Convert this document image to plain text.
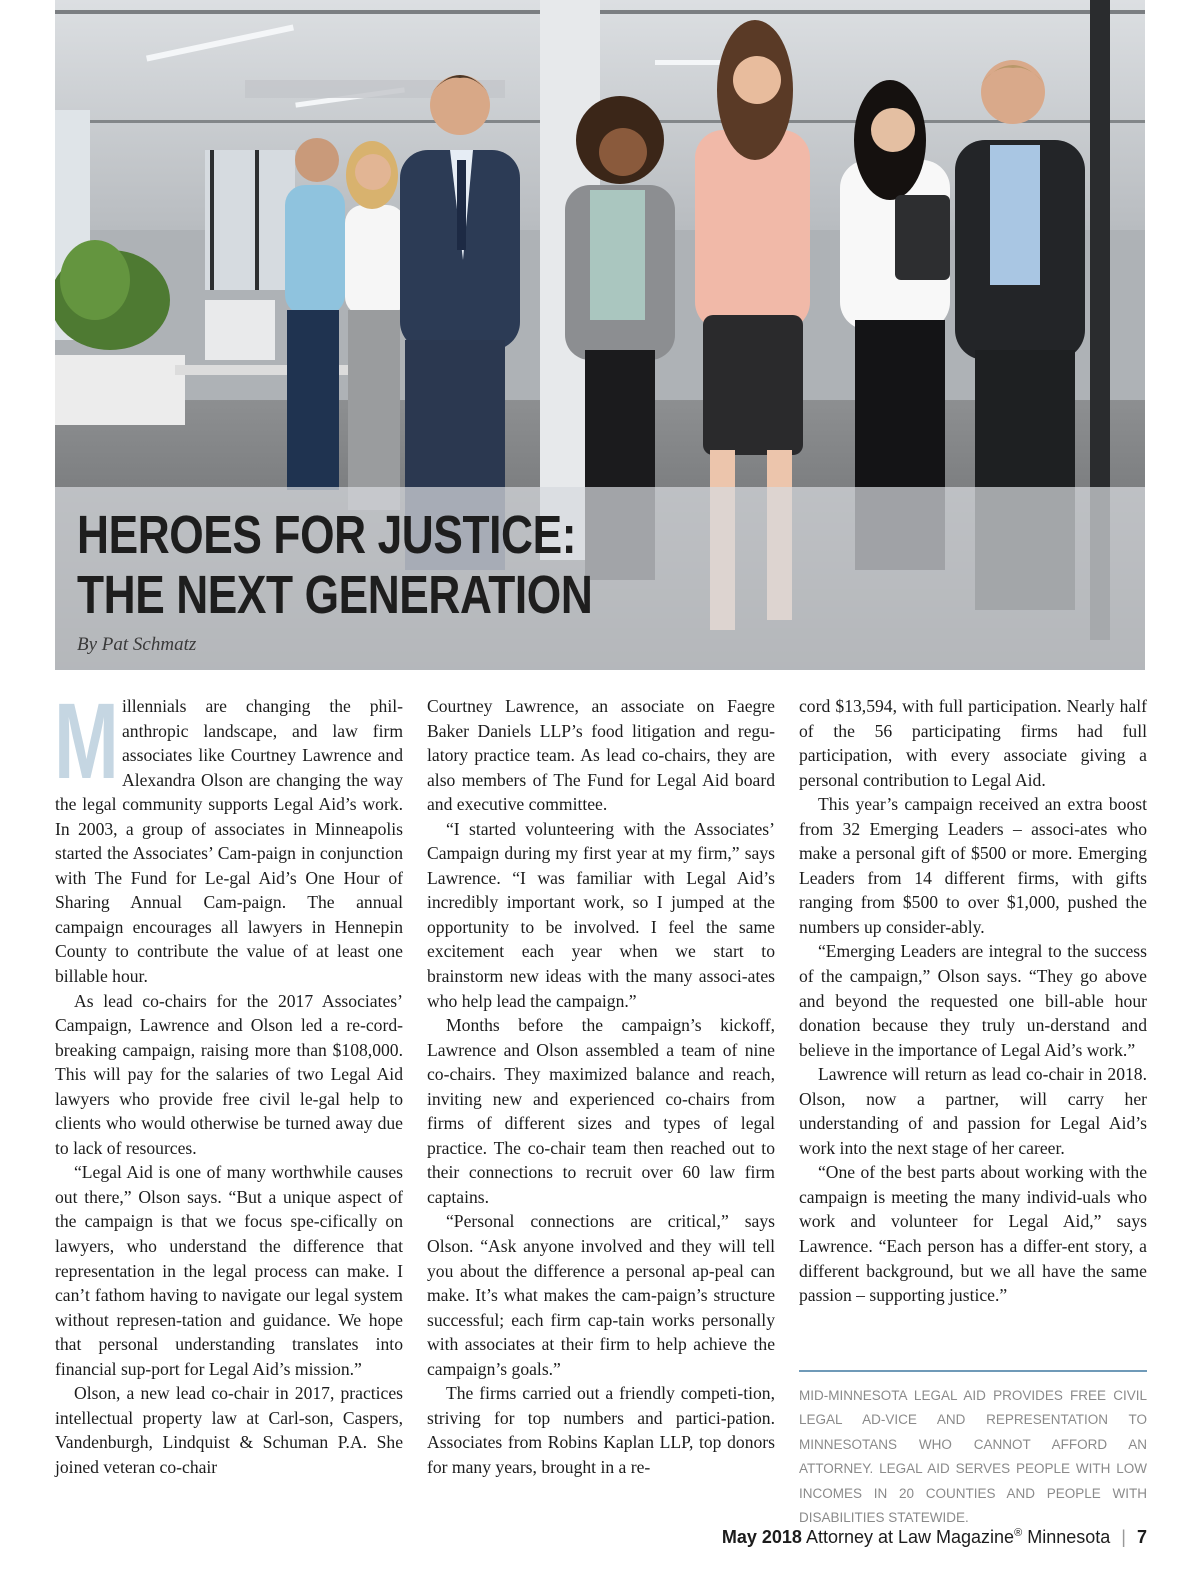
HEROES FOR JUSTICE:
THE NEXT GENERATION
By Pat Schmatz

Millennials are changing the phil-anthropic landscape, and law firm associates like Courtney Lawrence and Alexandra Olson are changing the way the legal community supports Legal Aid’s work. In 2003, a group of associates in Minneapolis started the Associates’ Cam-paign in conjunction with The Fund for Le-gal Aid’s One Hour of Sharing Annual Cam-paign. The annual campaign encourages all lawyers in Hennepin County to contribute the value of at least one billable hour.

As lead co-chairs for the 2017 Associates’ Campaign, Lawrence and Olson led a re-cord-breaking campaign, raising more than $108,000. This will pay for the salaries of two Legal Aid lawyers who provide free civil le-gal help to clients who would otherwise be turned away due to lack of resources.

“Legal Aid is one of many worthwhile causes out there,” Olson says. “But a unique aspect of the campaign is that we focus spe-cifically on lawyers, who understand the difference that representation in the legal process can make. I can’t fathom having to navigate our legal system without represen-tation and guidance. We hope that personal understanding translates into financial sup-port for Legal Aid’s mission.”

Olson, a new lead co-chair in 2017, practices intellectual property law at Carl-son, Caspers, Vandenburgh, Lindquist & Schuman P.A. She joined veteran co-chair

Courtney Lawrence, an associate on Faegre Baker Daniels LLP’s food litigation and regu-latory practice team. As lead co-chairs, they are also members of The Fund for Legal Aid board and executive committee.

“I started volunteering with the Associates’ Campaign during my first year at my firm,” says Lawrence. “I was familiar with Legal Aid’s incredibly important work, so I jumped at the opportunity to be involved. I feel the same excitement each year when we start to brainstorm new ideas with the many associ-ates who help lead the campaign.”

Months before the campaign’s kickoff, Lawrence and Olson assembled a team of nine co-chairs. They maximized balance and reach, inviting new and experienced co-chairs from firms of different sizes and types of legal practice. The co-chair team then reached out to their connections to recruit over 60 law firm captains.

“Personal connections are critical,” says Olson. “Ask anyone involved and they will tell you about the difference a personal ap-peal can make. It’s what makes the cam-paign’s structure successful; each firm cap-tain works personally with associates at their firm to help achieve the campaign’s goals.”

The firms carried out a friendly competi-tion, striving for top numbers and partici-pation. Associates from Robins Kaplan LLP, top donors for many years, brought in a re-

cord $13,594, with full participation. Nearly half of the 56 participating firms had full participation, with every associate giving a personal contribution to Legal Aid.

This year’s campaign received an extra boost from 32 Emerging Leaders – associ-ates who make a personal gift of $500 or more. Emerging Leaders from 14 different firms, with gifts ranging from $500 to over $1,000, pushed the numbers up consider-ably.

“Emerging Leaders are integral to the success of the campaign,” Olson says. “They go above and beyond the requested one bill-able hour donation because they truly un-derstand and believe in the importance of Legal Aid’s work.”

Lawrence will return as lead co-chair in 2018. Olson, now a partner, will carry her understanding of and passion for Legal Aid’s work into the next stage of her career.

“One of the best parts about working with the campaign is meeting the many individ-uals who work and volunteer for Legal Aid,” says Lawrence. “Each person has a differ-ent story, a different background, but we all have the same passion – supporting justice.”

MID-MINNESOTA LEGAL AID PROVIDES FREE CIVIL LEGAL AD-VICE AND REPRESENTATION TO MINNESOTANS WHO CANNOT AFFORD AN ATTORNEY. LEGAL AID SERVES PEOPLE WITH LOW INCOMES IN 20 COUNTIES AND PEOPLE WITH DISABILITIES STATEWIDE.
May 2018 Attorney at Law Magazine® Minnesota | 7
